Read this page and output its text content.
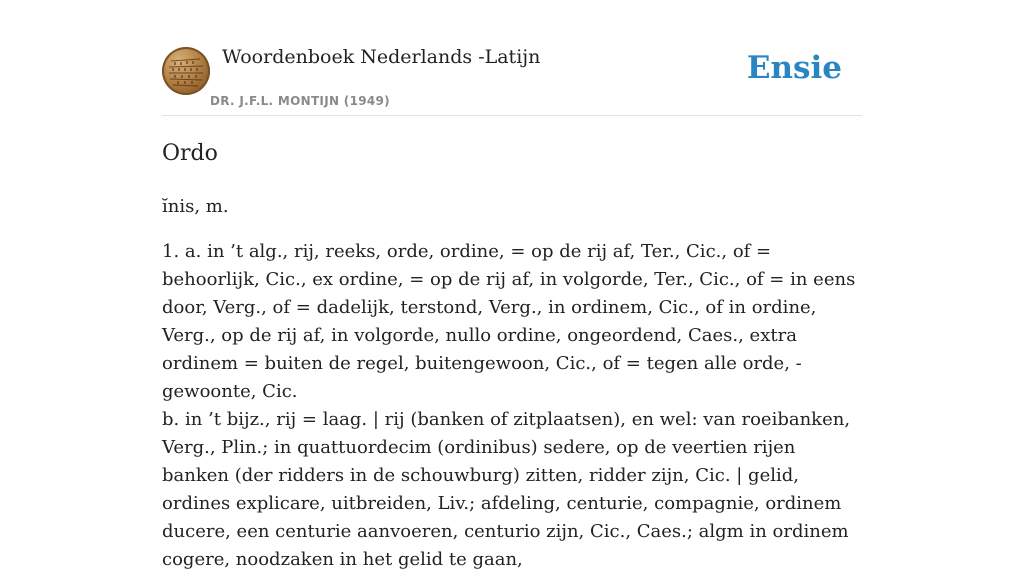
Woordenboek Nederlands -Latijn
DR. J.F.L. MONTIJN (1949)
Ensie
Ordo

ĭnis, m.

1. a. in ’t alg., rij, reeks, orde, ordine, = op de rij af, Ter., Cic., of = behoorlijk, Cic., ex ordine, = op de rij af, in volgorde, Ter., Cic., of = in eens door, Verg., of = dadelijk, terstond, Verg., in ordinem, Cic., of in ordine, Verg., op de rij af, in volgorde, nullo ordine, ongeordend, Caes., extra ordinem = buiten de regel, buitengewoon, Cic., of = tegen alle orde, - gewoonte, Cic.
b. in ’t bijz., rij = laag. | rij (banken of zitplaatsen), en wel: van roeibanken, Verg., Plin.; in quattuordecim (ordinibus) sedere, op de veertien rijen banken (der ridders in de schouwburg) zitten, ridder zijn, Cic. | gelid, ordines explicare, uitbreiden, Liv.; afdeling, centurie, compagnie, ordinem ducere, een centurie aanvoeren, centurio zijn, Cic., Caes.; algm in ordinem cogere, noodzaken in het gelid te gaan,
